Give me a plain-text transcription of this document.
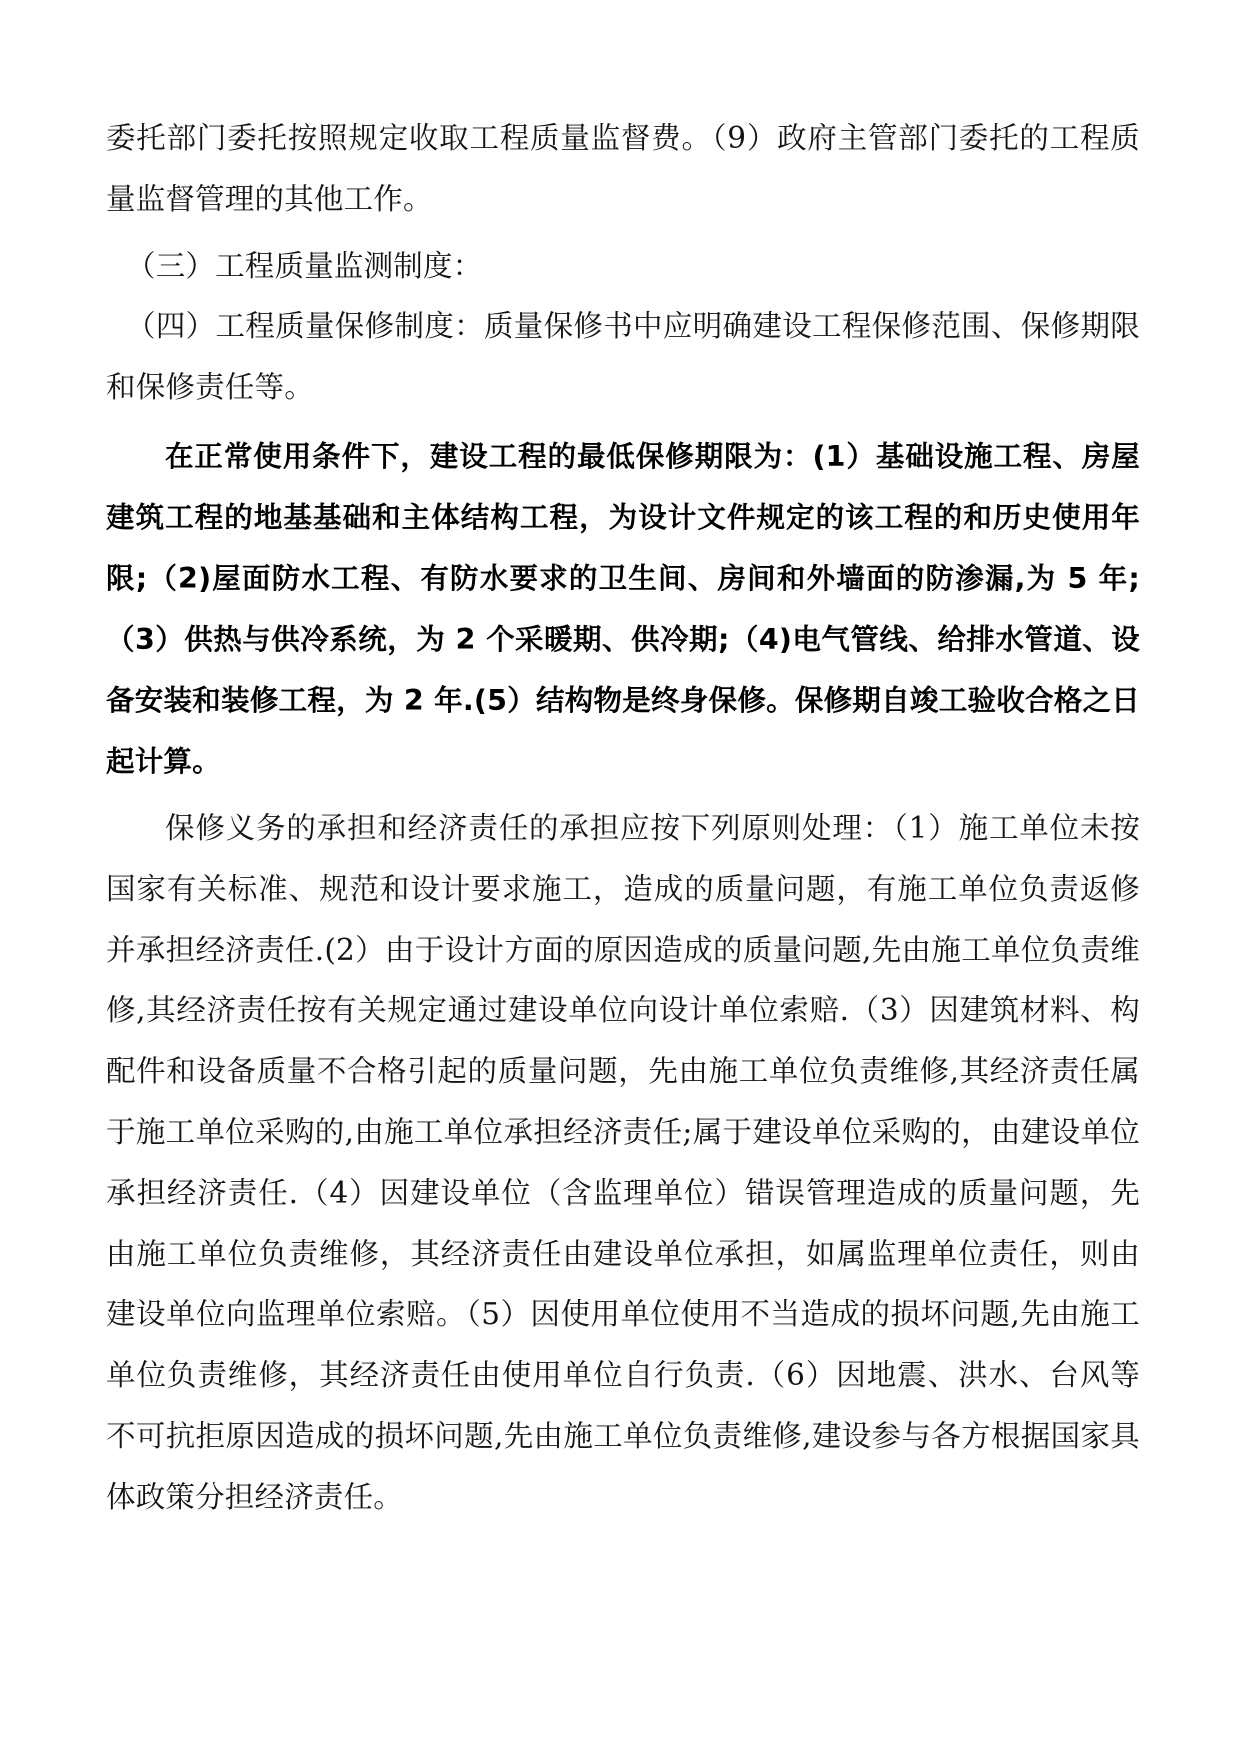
委托部门委托按照规定收取工程质量监督费。（9）政府主管部门委托的工程质量监督管理的其他工作。

（三）工程质量监测制度：

（四）工程质量保修制度：质量保修书中应明确建设工程保修范围、保修期限和保修责任等。

在正常使用条件下，建设工程的最低保修期限为：(1）基础设施工程、房屋建筑工程的地基基础和主体结构工程，为设计文件规定的该工程的和历史使用年限;（2)屋面防水工程、有防水要求的卫生间、房间和外墙面的防渗漏,为 5 年;（3）供热与供冷系统，为 2 个采暖期、供冷期;（4)电气管线、给排水管道、设备安装和装修工程，为 2 年.(5）结构物是终身保修。保修期自竣工验收合格之日起计算。

保修义务的承担和经济责任的承担应按下列原则处理：（1）施工单位未按国家有关标准、规范和设计要求施工，造成的质量问题，有施工单位负责返修并承担经济责任.(2）由于设计方面的原因造成的质量问题,先由施工单位负责维修,其经济责任按有关规定通过建设单位向设计单位索赔.（3）因建筑材料、构配件和设备质量不合格引起的质量问题，先由施工单位负责维修,其经济责任属于施工单位采购的,由施工单位承担经济责任;属于建设单位采购的，由建设单位承担经济责任.（4）因建设单位（含监理单位）错误管理造成的质量问题，先由施工单位负责维修，其经济责任由建设单位承担，如属监理单位责任，则由建设单位向监理单位索赔。（5）因使用单位使用不当造成的损坏问题,先由施工单位负责维修，其经济责任由使用单位自行负责.（6）因地震、洪水、台风等不可抗拒原因造成的损坏问题,先由施工单位负责维修,建设参与各方根据国家具体政策分担经济责任。
